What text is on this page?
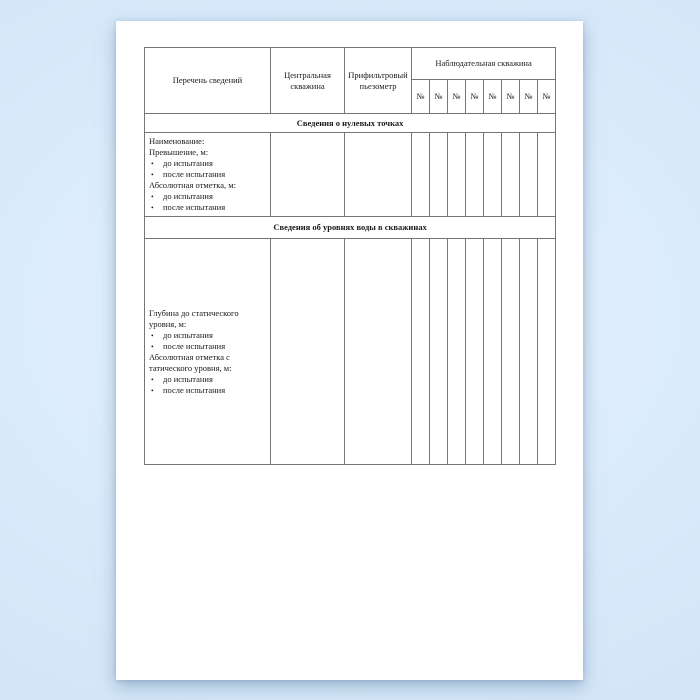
Перечень сведений	Центральная скважина	Прифильтровый пьезометр	Наблюдательная скважина							
			№	№	№	№	№	№	№	№
Сведения о нулевых точках										

Наименование:
Превышение, м:
• до испытания
• после испытания
Абсолютная отметка, м:
• до испытания
• после испытания

Сведения об уровнях воды в скважинах										

Глубина до статического
уровня, м:
• до испытания
• после испытания
Абсолютная отметка с
татического уровня, м:
• до испытания
• после испытания
